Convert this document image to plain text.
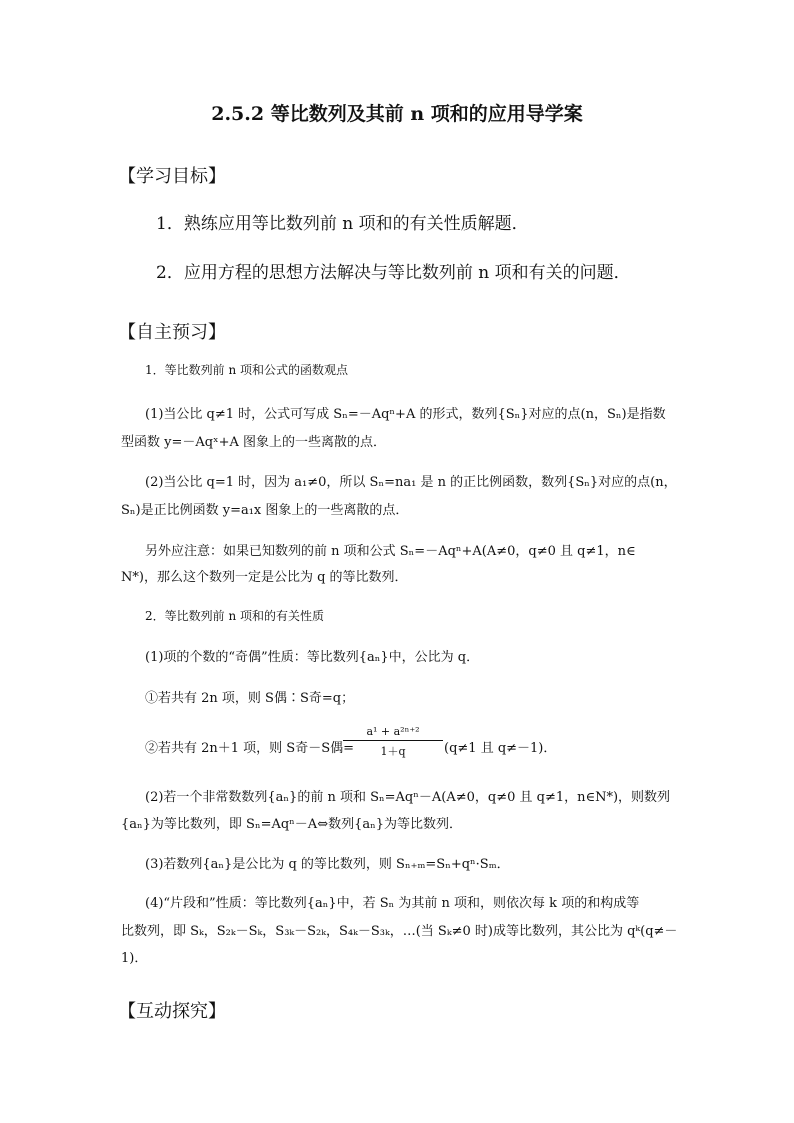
2.5.2 等比数列及其前 n 项和的应用导学案
【学习目标】
1．熟练应用等比数列前 n 项和的有关性质解题．
2．应用方程的思想方法解决与等比数列前 n 项和有关的问题．
【自主预习】
1．等比数列前 n 项和公式的函数观点
(1)当公比 q≠1 时，公式可写成 Sₙ=－Aqⁿ+A 的形式，数列{Sₙ}对应的点(n，Sₙ)是指数
型函数 y=－Aqˣ+A 图象上的一些离散的点．
(2)当公比 q=1 时，因为 a₁≠0，所以 Sₙ=na₁ 是 n 的正比例函数，数列{Sₙ}对应的点(n，
Sₙ)是正比例函数 y=a₁x 图象上的一些离散的点．
另外应注意：如果已知数列的前 n 项和公式 Sₙ=－Aqⁿ+A(A≠0，q≠0 且 q≠1，n∈
N*)，那么这个数列一定是公比为 q 的等比数列．
2．等比数列前 n 项和的有关性质
(1)项的个数的“奇偶”性质：等比数列{aₙ}中，公比为 q．
①若共有 2n 项，则 S偶∶S奇=q；
②若共有 2n＋1 项，则 S奇－S偶=
$\frac{\text{a¹ + a²ⁿ⁺²}}{1+q} (q\ne 1$ 且 q≠－1)．
(2)若一个非常数数列{aₙ}的前 n 项和 Sₙ=Aqⁿ－A(A≠0，q≠0 且 q≠1，n∈N*)，则数列
{aₙ}为等比数列，即 Sₙ=Aqⁿ－A⇔数列{aₙ}为等比数列．
(3)若数列{aₙ}是公比为 q 的等比数列，则 Sₙ₊ₘ=Sₙ+qⁿ·Sₘ．
(4)“片段和”性质：等比数列{aₙ}中，若 Sₙ 为其前 n 项和，则依次每 k 项的和构成等
比数列，即 Sₖ，S₂ₖ－Sₖ，S₃ₖ－S₂ₖ，S₄ₖ－S₃ₖ，…(当 Sₖ≠0 时)成等比数列，其公比为 qᵏ(q≠－
1)．
【互动探究】
